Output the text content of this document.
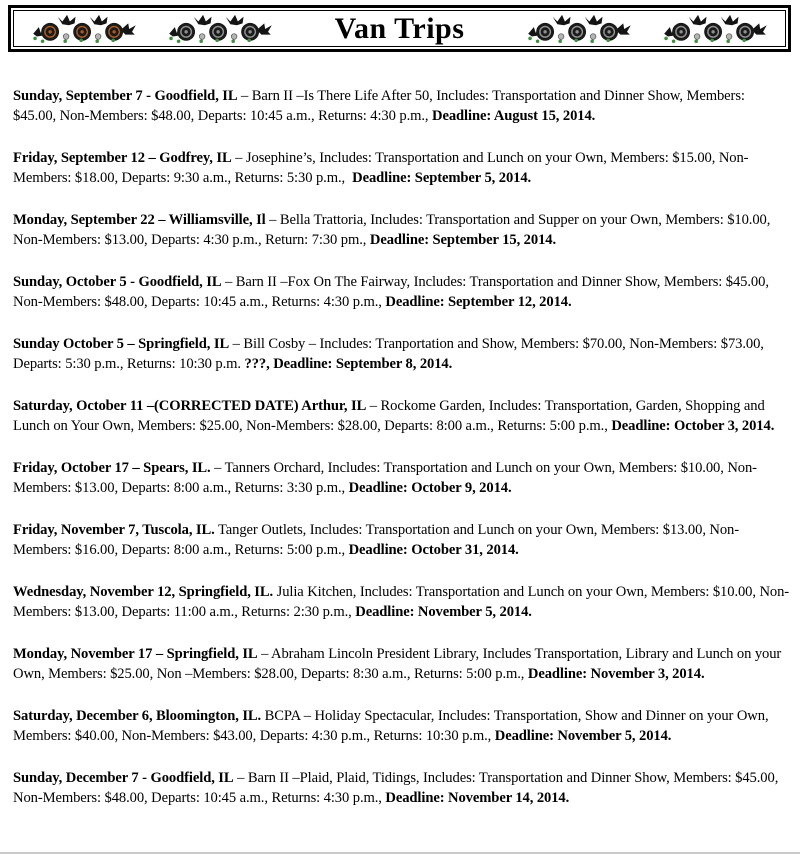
Van Trips

Sunday, September 7 - Goodfield, IL – Barn II –Is There Life After 50, Includes: Transportation and Dinner Show, Members: $45.00, Non-Members: $48.00, Departs: 10:45 a.m., Returns: 4:30 p.m., Deadline: August 15, 2014.

Friday, September 12 – Godfrey, IL – Josephine’s, Includes: Transportation and Lunch on your Own, Members: $15.00, Non-Members: $18.00, Departs: 9:30 a.m., Returns: 5:30 p.m.,  Deadline: September 5, 2014.

Monday, September 22 – Williamsville, Il – Bella Trattoria, Includes: Transportation and Supper on your Own, Members: $10.00, Non-Members: $13.00, Departs: 4:30 p.m., Return: 7:30 pm., Deadline: September 15, 2014.

Sunday, October 5 - Goodfield, IL – Barn II –Fox On The Fairway, Includes: Transportation and Dinner Show, Members: $45.00, Non-Members: $48.00, Departs: 10:45 a.m., Returns: 4:30 p.m., Deadline: September 12, 2014.

Sunday October 5 – Springfield, IL – Bill Cosby – Includes: Tranportation and Show, Members: $70.00, Non-Members: $73.00, Departs: 5:30 p.m., Returns: 10:30 p.m. ???, Deadline: September 8, 2014.

Saturday, October 11 –(CORRECTED DATE) Arthur, IL – Rockome Garden, Includes: Transportation, Garden, Shopping and Lunch on Your Own, Members: $25.00, Non-Members: $28.00, Departs: 8:00 a.m., Returns: 5:00 p.m., Deadline: October 3, 2014.

Friday, October 17 – Spears, IL. – Tanners Orchard, Includes: Transportation and Lunch on your Own, Members: $10.00, Non-Members: $13.00, Departs: 8:00 a.m., Returns: 3:30 p.m., Deadline: October 9, 2014.

Friday, November 7, Tuscola, IL. Tanger Outlets, Includes: Transportation and Lunch on your Own, Members: $13.00, Non-Members: $16.00, Departs: 8:00 a.m., Returns: 5:00 p.m., Deadline: October 31, 2014.

Wednesday, November 12, Springfield, IL. Julia Kitchen, Includes: Transportation and Lunch on your Own, Members: $10.00, Non-Members: $13.00, Departs: 11:00 a.m., Returns: 2:30 p.m., Deadline: November 5, 2014.

Monday, November 17 – Springfield, IL – Abraham Lincoln President Library, Includes Transportation, Library and Lunch on your Own, Members: $25.00, Non –Members: $28.00, Departs: 8:30 a.m., Returns: 5:00 p.m., Deadline: November 3, 2014.

Saturday, December 6, Bloomington, IL. BCPA – Holiday Spectacular, Includes: Transportation, Show and Dinner on your Own, Members: $40.00, Non-Members: $43.00, Departs: 4:30 p.m., Returns: 10:30 p.m., Deadline: November 5, 2014.

Sunday, December 7 - Goodfield, IL – Barn II –Plaid, Plaid, Tidings, Includes: Transportation and Dinner Show, Members: $45.00, Non-Members: $48.00, Departs: 10:45 a.m., Returns: 4:30 p.m., Deadline: November 14, 2014.
